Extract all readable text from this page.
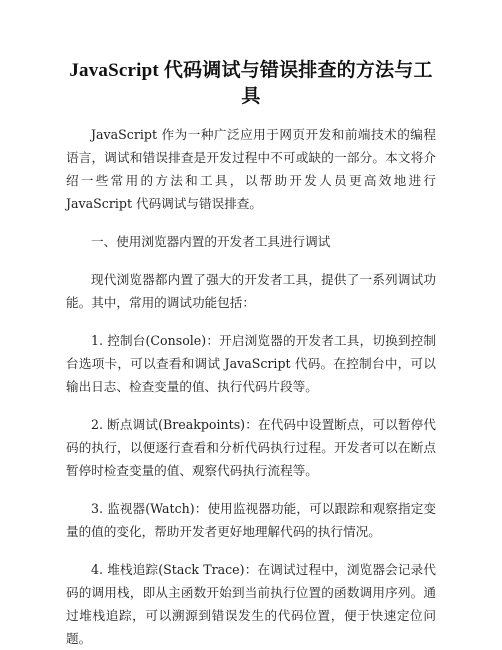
JavaScript 代码调试与错误排查的方法与工具

JavaScript 作为一种广泛应用于网页开发和前端技术的编程语言，调试和错误排查是开发过程中不可或缺的一部分。本文将介绍一些常用的方法和工具，以帮助开发人员更高效地进行 JavaScript 代码调试与错误排查。

一、使用浏览器内置的开发者工具进行调试

现代浏览器都内置了强大的开发者工具，提供了一系列调试功能。其中，常用的调试功能包括：

1. 控制台(Console)：开启浏览器的开发者工具，切换到控制台选项卡，可以查看和调试 JavaScript 代码。在控制台中，可以输出日志、检查变量的值、执行代码片段等。

2. 断点调试(Breakpoints)：在代码中设置断点，可以暂停代码的执行，以便逐行查看和分析代码执行过程。开发者可以在断点暂停时检查变量的值、观察代码执行流程等。

3. 监视器(Watch)：使用监视器功能，可以跟踪和观察指定变量的值的变化，帮助开发者更好地理解代码的执行情况。

4. 堆栈追踪(Stack Trace)：在调试过程中，浏览器会记录代码的调用栈，即从主函数开始到当前执行位置的函数调用序列。通过堆栈追踪，可以溯源到错误发生的代码位置，便于快速定位问题。
